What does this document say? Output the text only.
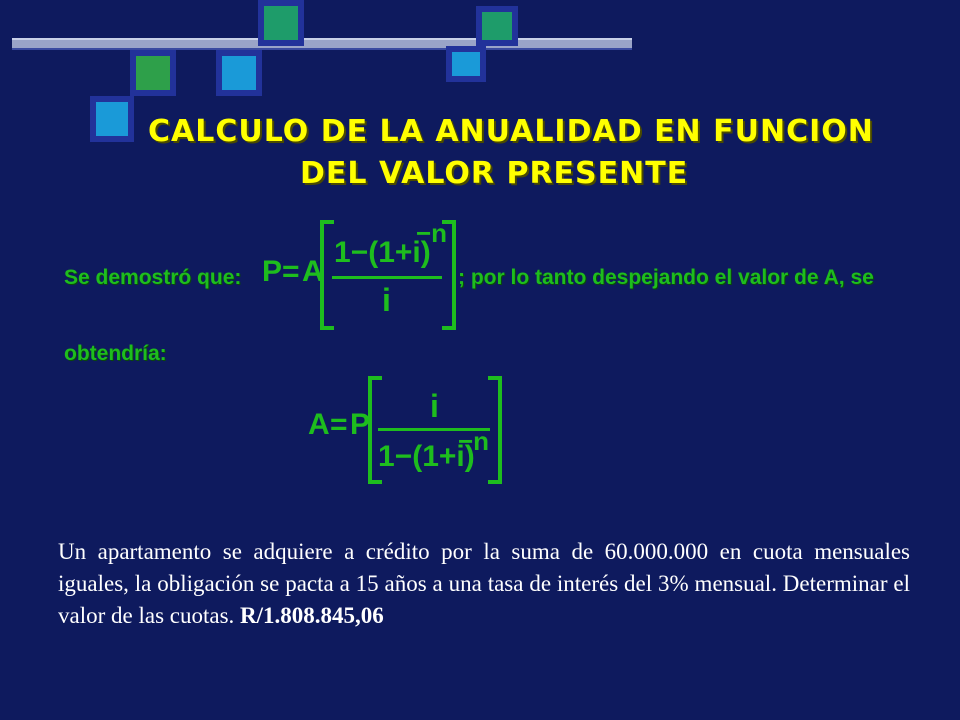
CALCULO DE LA ANUALIDAD EN FUNCION
DEL VALOR PRESENTE
Se demostró que: P = A
1−(1+i)
−n
i
; por lo tanto despejando el valor de A, se
obtendría:
A = P
i
1−(1+i)
−n
Un apartamento se adquiere a crédito por la suma de 60.000.000 en cuota mensuales iguales, la obligación se pacta a 15 años a una tasa de interés del 3% mensual. Determinar el valor de las cuotas. R/1.808.845,06
